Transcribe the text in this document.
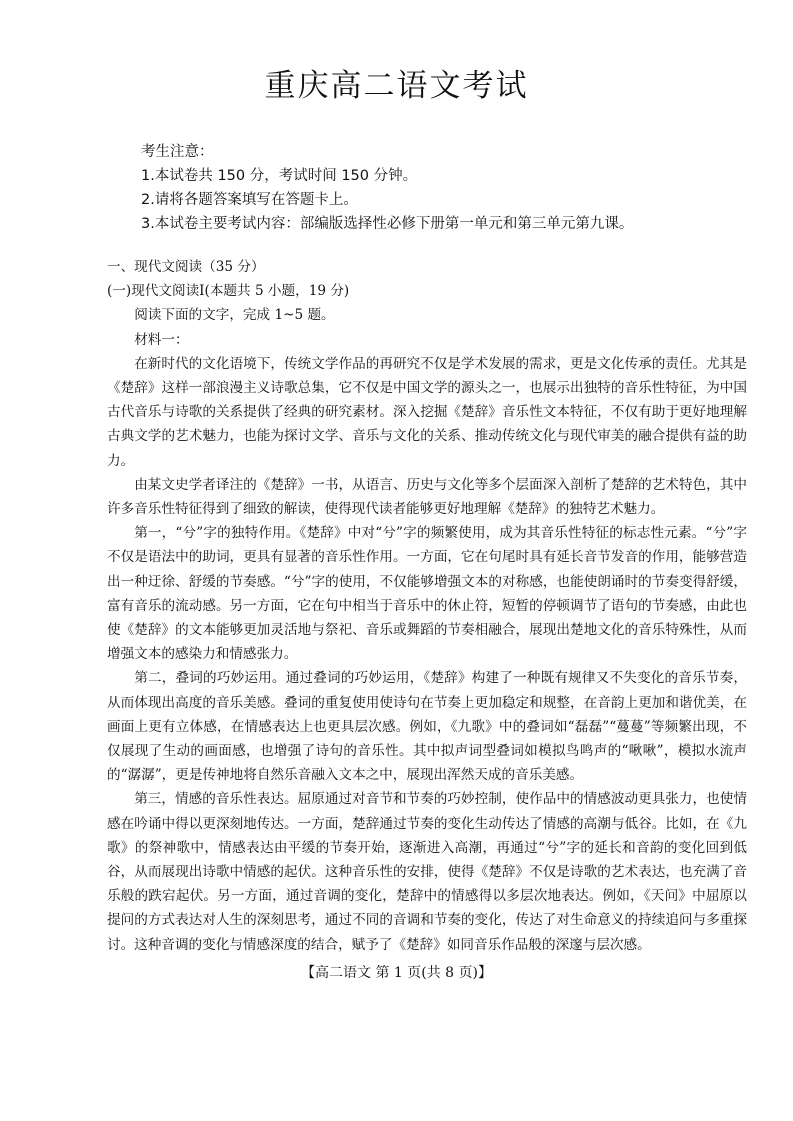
重庆高二语文考试
考生注意：
1.本试卷共 150 分，考试时间 150 分钟。
2.请将各题答案填写在答题卡上。
3.本试卷主要考试内容：部编版选择性必修下册第一单元和第三单元第九课。
一、现代文阅读（35 分）
(一)现代文阅读Ⅰ(本题共 5 小题，19 分)
阅读下面的文字，完成 1~5 题。
材料一：
在新时代的文化语境下，传统文学作品的再研究不仅是学术发展的需求，更是文化传承的责任。尤其是《楚辞》这样一部浪漫主义诗歌总集，它不仅是中国文学的源头之一，也展示出独特的音乐性特征，为中国古代音乐与诗歌的关系提供了经典的研究素材。深入挖掘《楚辞》音乐性文本特征，不仅有助于更好地理解古典文学的艺术魅力，也能为探讨文学、音乐与文化的关系、推动传统文化与现代审美的融合提供有益的助力。
由某文史学者译注的《楚辞》一书，从语言、历史与文化等多个层面深入剖析了楚辞的艺术特色，其中许多音乐性特征得到了细致的解读，使得现代读者能够更好地理解《楚辞》的独特艺术魅力。
第一，“兮”字的独特作用。《楚辞》中对“兮”字的频繁使用，成为其音乐性特征的标志性元素。“兮”字不仅是语法中的助词，更具有显著的音乐性作用。一方面，它在句尾时具有延长音节发音的作用，能够营造出一种迂徐、舒缓的节奏感。“兮”字的使用，不仅能够增强文本的对称感，也能使朗诵时的节奏变得舒缓，富有音乐的流动感。另一方面，它在句中相当于音乐中的休止符，短暂的停顿调节了语句的节奏感，由此也使《楚辞》的文本能够更加灵活地与祭祀、音乐或舞蹈的节奏相融合，展现出楚地文化的音乐特殊性，从而增强文本的感染力和情感张力。
第二，叠词的巧妙运用。通过叠词的巧妙运用，《楚辞》构建了一种既有规律又不失变化的音乐节奏，从而体现出高度的音乐美感。叠词的重复使用使诗句在节奏上更加稳定和规整，在音韵上更加和谐优美，在画面上更有立体感，在情感表达上也更具层次感。例如，《九歌》中的叠词如“磊磊”“蔓蔓”等频繁出现，不仅展现了生动的画面感，也增强了诗句的音乐性。其中拟声词型叠词如模拟鸟鸣声的“啾啾”，模拟水流声的“潺潺”，更是传神地将自然乐音融入文本之中，展现出浑然天成的音乐美感。
第三，情感的音乐性表达。屈原通过对音节和节奏的巧妙控制，使作品中的情感波动更具张力，也使情感在吟诵中得以更深刻地传达。一方面，楚辞通过节奏的变化生动传达了情感的高潮与低谷。比如，在《九歌》的祭神歌中，情感表达由平缓的节奏开始，逐渐进入高潮，再通过“兮”字的延长和音韵的变化回到低谷，从而展现出诗歌中情感的起伏。这种音乐性的安排，使得《楚辞》不仅是诗歌的艺术表达，也充满了音乐般的跌宕起伏。另一方面，通过音调的变化，楚辞中的情感得以多层次地表达。例如，《天问》中屈原以提问的方式表达对人生的深刻思考，通过不同的音调和节奏的变化，传达了对生命意义的持续追问与多重探讨。这种音调的变化与情感深度的结合，赋予了《楚辞》如同音乐作品般的深邃与层次感。
【高二语文 第 1 页(共 8 页)】
